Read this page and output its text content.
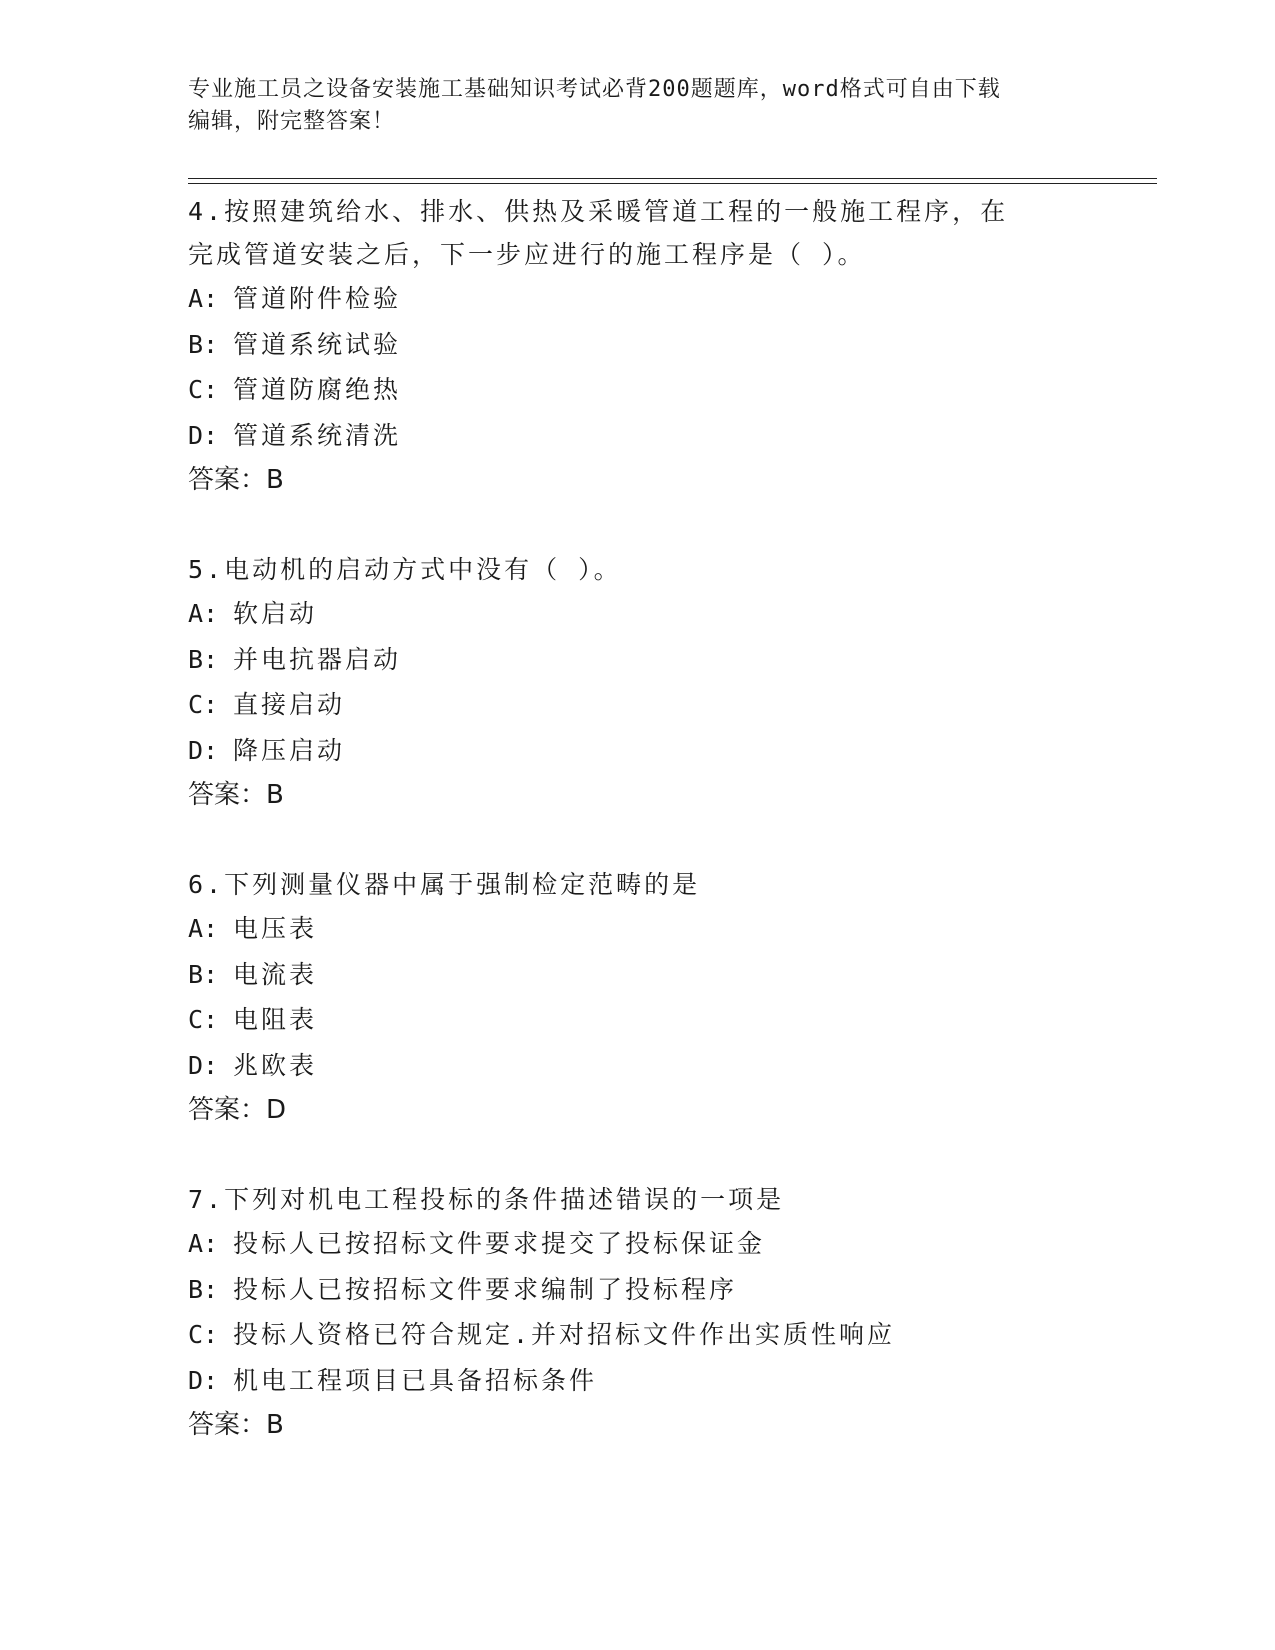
专业施工员之设备安装施工基础知识考试必背200题题库，word格式可自由下载
编辑，附完整答案！

4.按照建筑给水、排水、供热及采暖管道工程的一般施工程序，在完成管道安装之后，下一步应进行的施工程序是（ ）。

A: 管道附件检验

B: 管道系统试验

C: 管道防腐绝热

D: 管道系统清洗

答案：B

5.电动机的启动方式中没有（ ）。

A: 软启动

B: 并电抗器启动

C: 直接启动

D: 降压启动

答案：B

6.下列测量仪器中属于强制检定范畴的是

A: 电压表

B: 电流表

C: 电阻表

D: 兆欧表

答案：D

7.下列对机电工程投标的条件描述错误的一项是

A: 投标人已按招标文件要求提交了投标保证金

B: 投标人已按招标文件要求编制了投标程序

C: 投标人资格已符合规定.并对招标文件作出实质性响应

D: 机电工程项目已具备招标条件

答案：B
